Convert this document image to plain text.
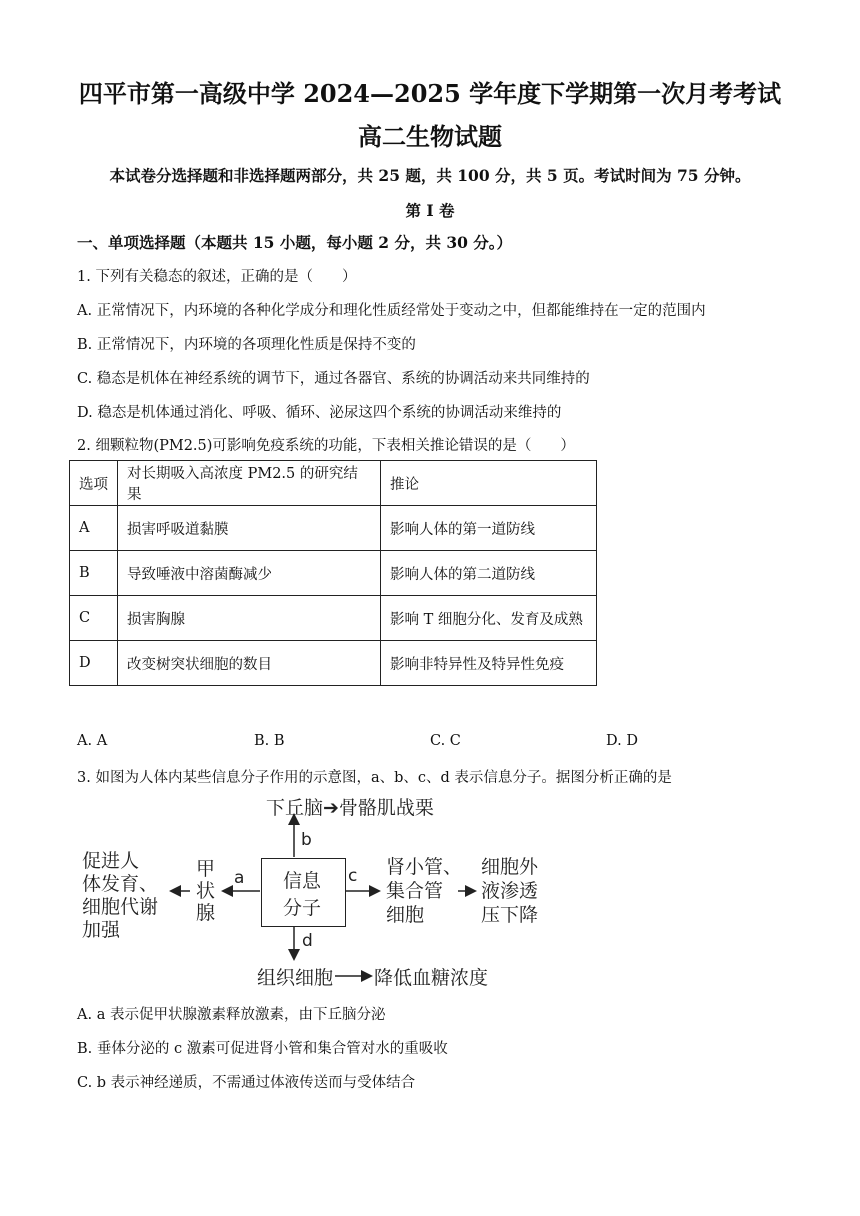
四平市第一高级中学 2024—2025 学年度下学期第一次月考考试
高二生物试题
本试卷分选择题和非选择题两部分，共 25 题，共 100 分，共 5 页。考试时间为 75 分钟。
第 Ⅰ 卷
一、单项选择题（本题共 15 小题，每小题 2 分，共 30 分。）
1. 下列有关稳态的叙述，正确的是（　　）
A. 正常情况下，内环境的各种化学成分和理化性质经常处于变动之中，但都能维持在一定的范围内
B. 正常情况下，内环境的各项理化性质是保持不变的
C. 稳态是机体在神经系统的调节下，通过各器官、系统的协调活动来共同维持的
D. 稳态是机体通过消化、呼吸、循环、泌尿这四个系统的协调活动来维持的
2. 细颗粒物(PM2.5)可影响免疫系统的功能，下表相关推论错误的是（　　）
选项	对长期吸入高浓度 PM2.5 的研究结果	推论
A	损害呼吸道黏膜	影响人体的第一道防线
B	导致唾液中溶菌酶减少	影响人体的第二道防线
C	损害胸腺	影响 T 细胞分化、发育及成熟
D	改变树突状细胞的数目	影响非特异性及特异性免疫
A. A	B. B	C. C	D. D
3. 如图为人体内某些信息分子作用的示意图，a、b、c、d 表示信息分子。据图分析正确的是
下丘脑➔骨骼肌战栗
b
信息
分子
a	c
甲
状
腺
促进人
体发育、
细胞代谢
加强
肾小管、
集合管
细胞
细胞外
液渗透
压下降
d
组织细胞 降低血糖浓度
A. a 表示促甲状腺激素释放激素，由下丘脑分泌
B. 垂体分泌的 c 激素可促进肾小管和集合管对水的重吸收
C. b 表示神经递质，不需通过体液传送而与受体结合
